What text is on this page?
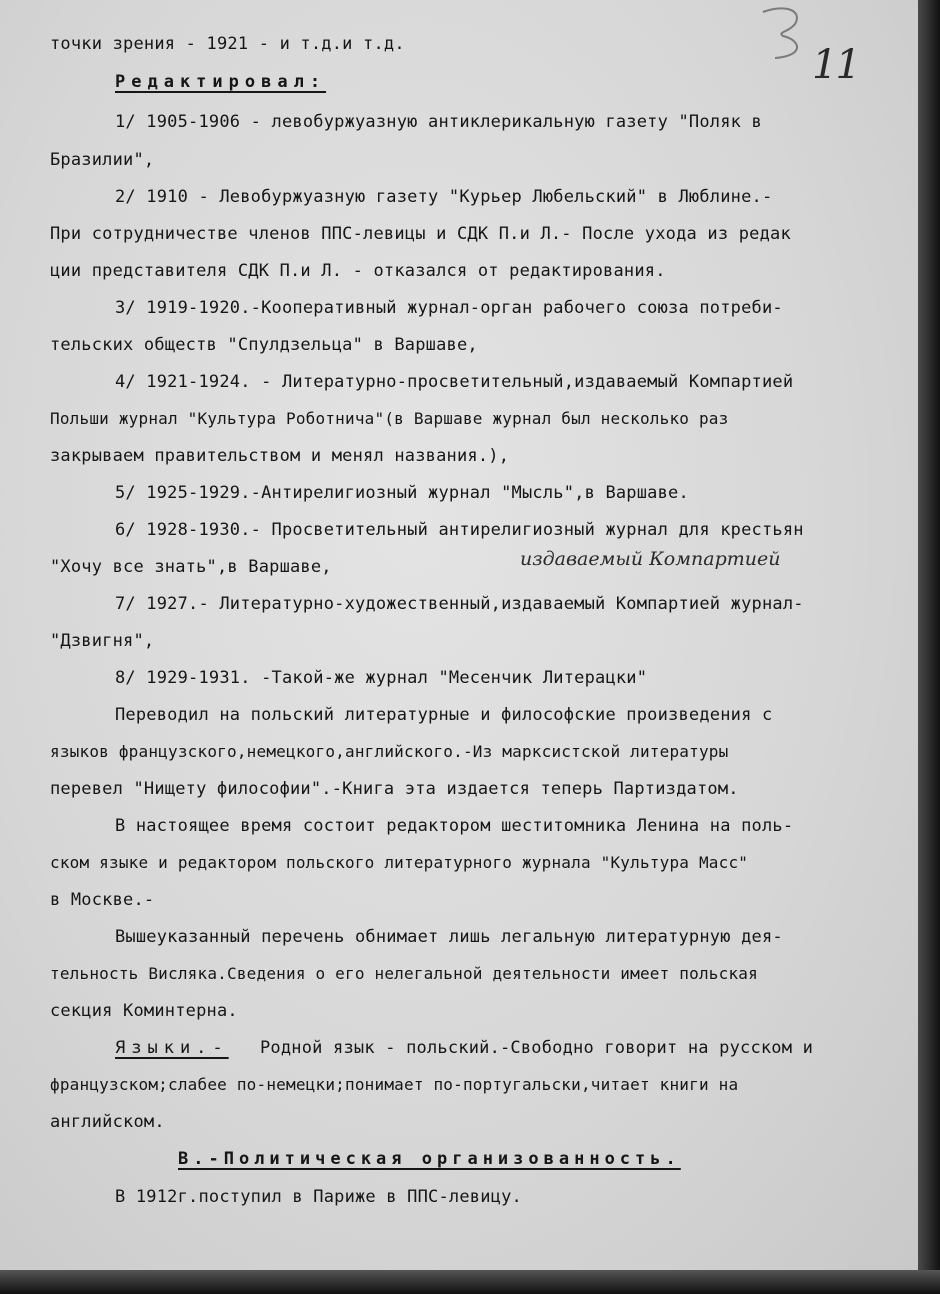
11
точки зрения - 1921 - и т.д.и т.д.
Редактировал:
1/ 1905-1906 - левобуржуазную антиклерикальную газету "Поляк в
Бразилии",
2/ 1910 - Левобуржуазную газету "Курьер Любельский" в Люблине.-
При сотрудничестве членов ППС-левицы и СДК П.и Л.- После ухода из редак
ции представителя СДК П.и Л. - отказался от редактирования.
3/ 1919-1920.-Кооперативный журнал-орган рабочего союза потреби-
тельских обществ "Спулдзельца" в Варшаве,
4/ 1921-1924. - Литературно-просветительный,издаваемый Компартией
Польши журнал "Культура Роботнича"(в Варшаве журнал был несколько раз
закрываем правительством и менял названия.),
5/ 1925-1929.-Антирелигиозный журнал "Мысль",в Варшаве.
6/ 1928-1930.- Просветительный антирелигиозный журнал для крестьян
"Хочу все знать",в Варшаве,	издаваемый Компартией
7/ 1927.- Литературно-художественный,издаваемый Компартией журнал-
"Дзвигня",
8/ 1929-1931. -Такой-же журнал "Месенчик Литерацки"
Переводил на польский литературные и философские произведения с
языков французского,немецкого,английского.-Из марксистской литературы
перевел "Нищету философии".-Книга эта издается теперь Партиздатом.
В настоящее время состоит редактором шеститомника Ленина на поль-
ском языке и редактором польского литературного журнала "Культура Масс"
в Москве.-
Вышеуказанный перечень обнимает лишь легальную литературную дея-
тельность Висляка.Сведения о его нелегальной деятельности имеет польская
секция Коминтерна.
Языки.- Родной язык - польский.-Свободно говорит на русском и
французском;слабее по-немецки;понимает по-португальски,читает книги на
английском.
В.-Политическая организованность.
В 1912г.поступил в Париже в ППС-левицу.
